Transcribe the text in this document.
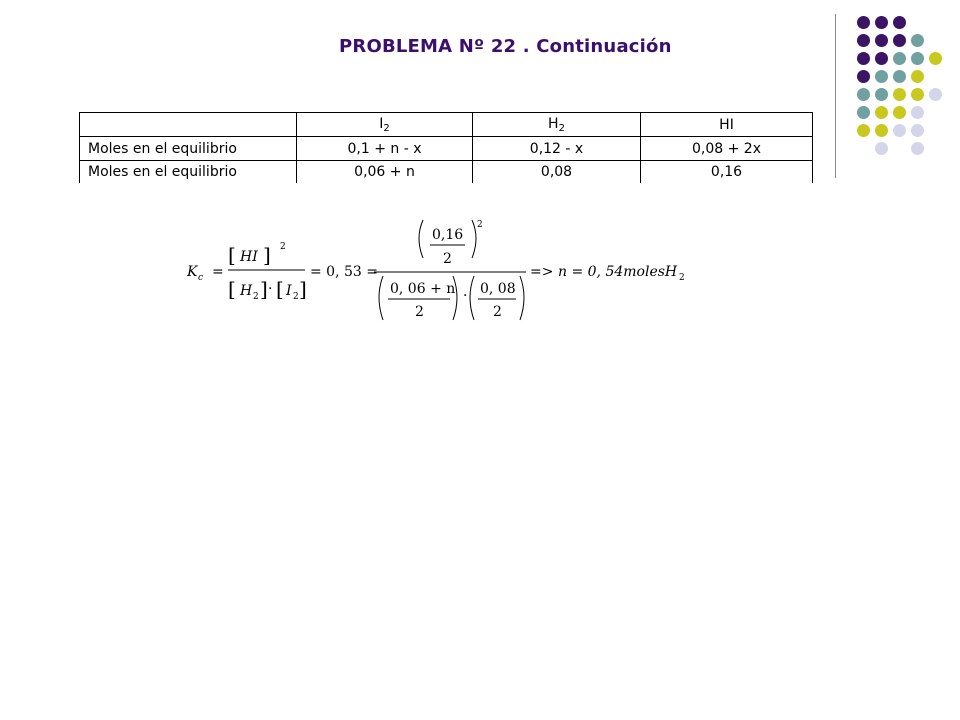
PROBLEMA Nº 22 . Continuación
	$I_2$	$H_2$	HI
Moles en el equilibrio	0,1 + n - x	0,12 - x	0,08 + 2x
Moles en el equilibrio	0,06 + n	0,08	0,16
K c =
[ HI ] 2
[ H 2 ] · [ I 2 ]
= 0, 53 =
0,16
2
2
0, 06 + n
2
· 0, 08
2
=> n = 0, 54molesH 2
